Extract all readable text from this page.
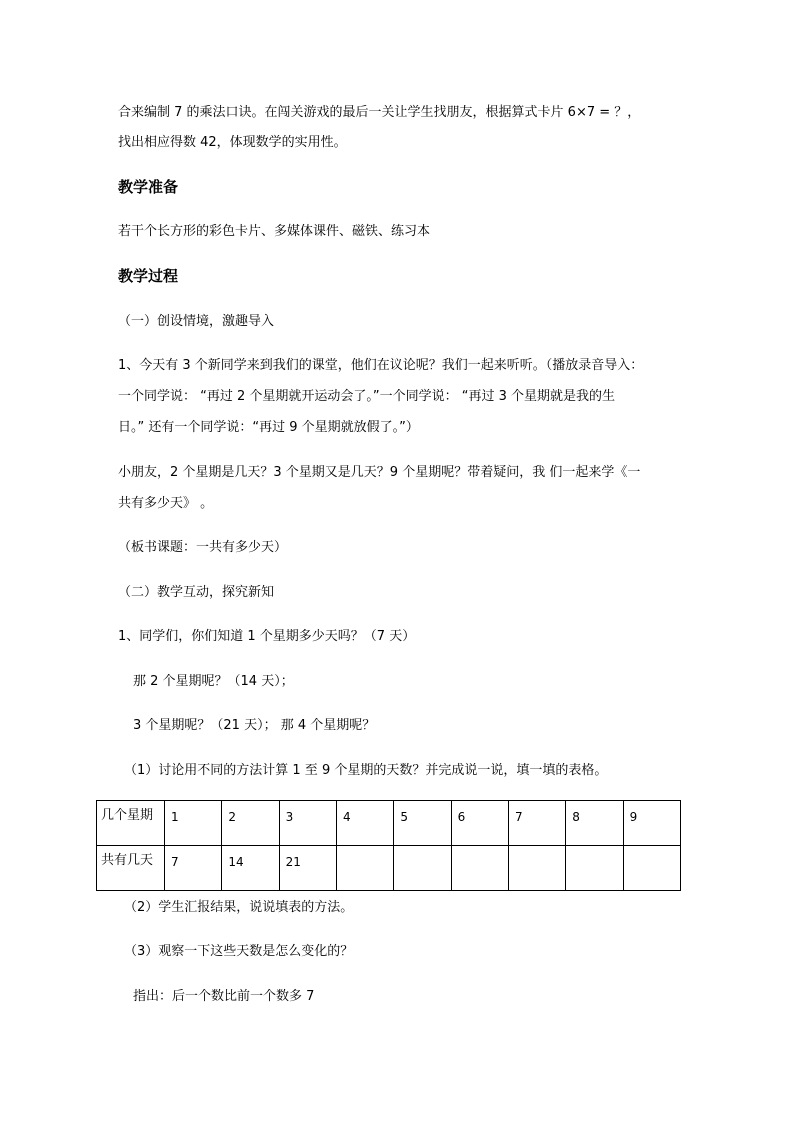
合来编制 7 的乘法口诀。在闯关游戏的最后一关让学生找朋友，根据算式卡片 6×7 = ？，
找出相应得数 42，体现数学的实用性。
教学准备
若干个长方形的彩色卡片、多媒体课件、磁铁、练习本
教学过程
（一）创设情境，激趣导入
1、今天有 3 个新同学来到我们的课堂，他们在议论呢？我们一起来听听。（播放录音导入：
一个同学说： “再过 2 个星期就开运动会了。”一个同学说： “再过 3 个星期就是我的生
日。” 还有一个同学说：“再过 9 个星期就放假了。”）
小朋友，2 个星期是几天？3 个星期又是几天？9 个星期呢？带着疑问，我 们一起来学《一
共有多少天》 。
（板书课题：一共有多少天）
（二）教学互动，探究新知
1、同学们，你们知道 1 个星期多少天吗？（7 天）
那 2 个星期呢？（14 天）；
3 个星期呢？（21 天）； 那 4 个星期呢？
（1）讨论用不同的方法计算 1 至 9 个星期的天数？并完成说一说，填一填的表格。
几个星期	1	2	3	4	5	6	7	8	9
共有几天	7	14	21						
（2）学生汇报结果，说说填表的方法。
（3）观察一下这些天数是怎么变化的？
指出：后一个数比前一个数多 7
